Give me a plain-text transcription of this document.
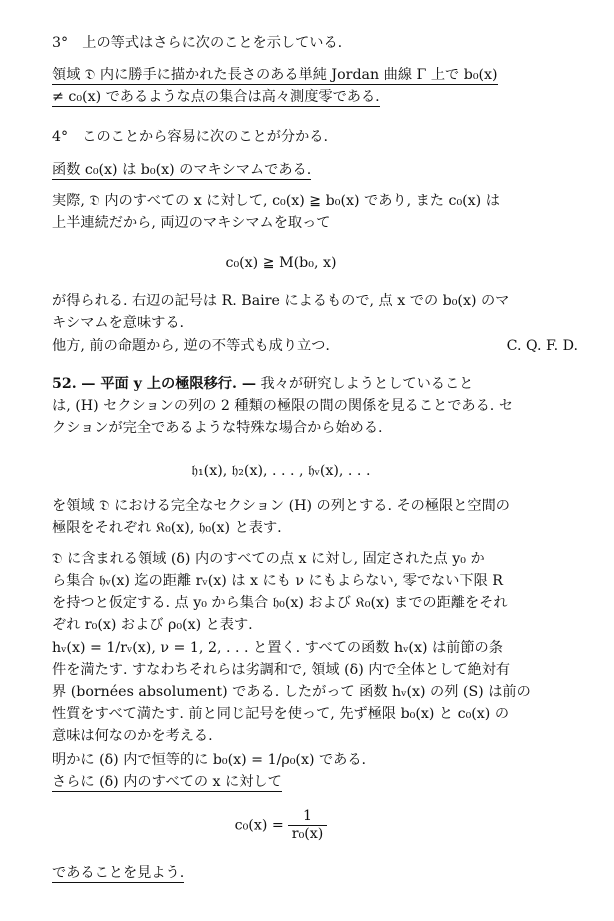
3°　上の等式はさらに次のことを示している.
領域 𝔇 内に勝手に描かれた長さのある単純 Jordan 曲線 Γ 上で b₀(x)
≠ c₀(x) であるような点の集合は高々測度零である.
4°　このことから容易に次のことが分かる.
函数 c₀(x) は b₀(x) のマキシマムである.
実際, 𝔇 内のすべての x に対して, c₀(x) ≧ b₀(x) であり, また c₀(x) は
上半連続だから, 両辺のマキシマムを取って
c₀(x) ≧ M(b₀, x)
が得られる. 右辺の記号は R. Baire によるもので, 点 x での b₀(x) のマ
キシマムを意味する.
他方, 前の命題から, 逆の不等式も成り立つ.	C. Q. F. D.
52. — 平面 y 上の極限移行. — 我々が研究しようとしていること
は, (H) セクションの列の 2 種類の極限の間の関係を見ることである. セ
クションが完全であるような特殊な場合から始める.
𝔥₁(x), 𝔥₂(x), . . . , 𝔥ᵥ(x), . . .
を領域 𝔇 における完全なセクション (H) の列とする. その極限と空間の
極限をそれぞれ 𝔎₀(x), 𝔥₀(x) と表す.
𝔇 に含まれる領域 (δ) 内のすべての点 x に対し, 固定された点 y₀ か
ら集合 𝔥ᵥ(x) 迄の距離 rᵥ(x) は x にも ν にもよらない, 零でない下限 R
を持つと仮定する. 点 y₀ から集合 𝔥₀(x) および 𝔎₀(x) までの距離をそれ
ぞれ r₀(x) および ρ₀(x) と表す.
hᵥ(x) = 1/rᵥ(x), ν = 1, 2, . . . と置く. すべての函数 hᵥ(x) は前節の条
件を満たす. すなわちそれらは劣調和で, 領域 (δ) 内で全体として絶対有
界 (bornées absolument) である. したがって 函数 hᵥ(x) の列 (S) は前の
性質をすべて満たす. 前と同じ記号を使って, 先ず極限 b₀(x) と c₀(x) の
意味は何なのかを考える.
明かに (δ) 内で恒等的に b₀(x) = 1/ρ₀(x) である.
さらに (δ) 内のすべての x に対して
$c_0(x) = \frac{1}{\text{r₀(x)}}$
であることを見よう.
